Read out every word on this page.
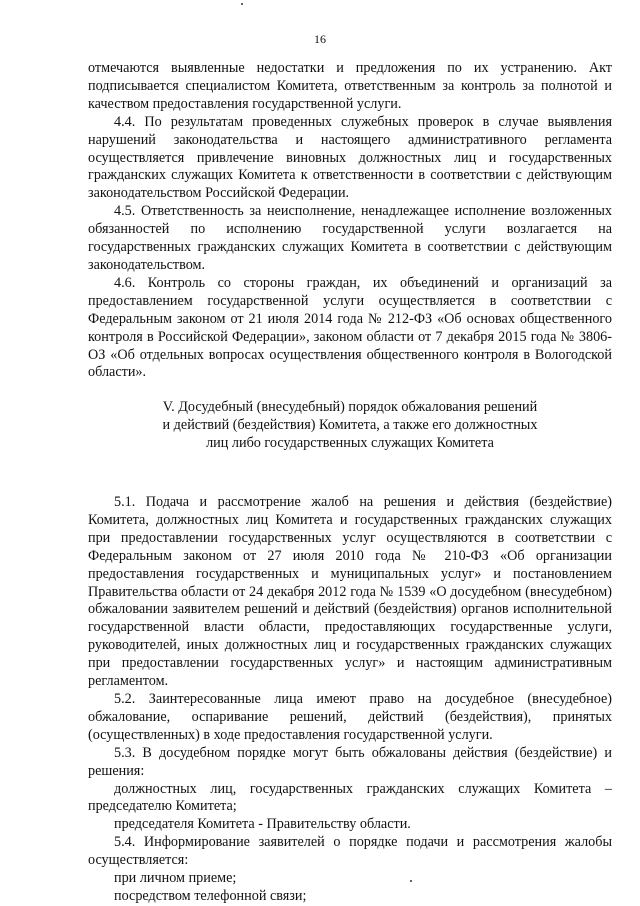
16

отмечаются выявленные недостатки и предложения по их устранению. Акт подписывается специалистом Комитета, ответственным за контроль за полнотой и качеством предоставления государственной услуги.

4.4. По результатам проведенных служебных проверок в случае выявления нарушений законодательства и настоящего административного регламента осуществляется привлечение виновных должностных лиц и государственных гражданских служащих Комитета к ответственности в соответствии с действующим законодательством Российской Федерации.

4.5. Ответственность за неисполнение, ненадлежащее исполнение возложенных обязанностей по исполнению государственной услуги возлагается на государственных гражданских служащих Комитета в соответствии с действующим законодательством.

4.6. Контроль со стороны граждан, их объединений и организаций за предоставлением государственной услуги осуществляется в соответствии с Федеральным законом от 21 июля 2014 года № 212-ФЗ «Об основах общественного контроля в Российской Федерации», законом области от 7 декабря 2015 года № 3806-ОЗ «Об отдельных вопросах осуществления общественного контроля в Вологодской области».

V. Досудебный (внесудебный) порядок обжалования решений
и действий (бездействия) Комитета, а также его должностных
лиц либо государственных служащих Комитета

5.1. Подача и рассмотрение жалоб на решения и действия (бездействие) Комитета, должностных лиц Комитета и государственных гражданских служащих при предоставлении государственных услуг осуществляются в соответствии с Федеральным законом от 27 июля 2010 года № 210-ФЗ «Об организации предоставления государственных и муниципальных услуг» и постановлением Правительства области от 24 декабря 2012 года № 1539 «О досудебном (внесудебном) обжаловании заявителем решений и действий (бездействия) органов исполнительной государственной власти области, предоставляющих государственные услуги, руководителей, иных должностных лиц и государственных гражданских служащих при предоставлении государственных услуг» и настоящим административным регламентом.

5.2. Заинтересованные лица имеют право на досудебное (внесудебное) обжалование, оспаривание решений, действий (бездействия), принятых (осуществленных) в ходе предоставления государственной услуги.

5.3. В досудебном порядке могут быть обжалованы действия (бездействие) и решения:

должностных лиц, государственных гражданских служащих Комитета – председателю Комитета;

председателя Комитета - Правительству области.

5.4. Информирование заявителей о порядке подачи и рассмотрения жалобы осуществляется:

при личном приеме;

посредством телефонной связи;
